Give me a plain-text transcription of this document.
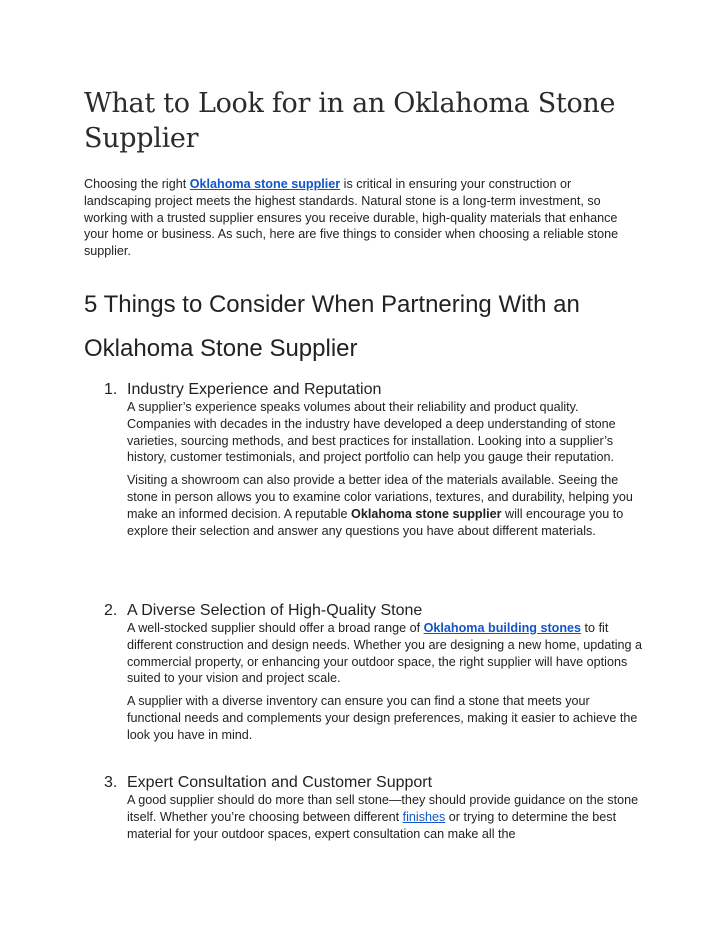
What to Look for in an Oklahoma Stone Supplier

Choosing the right Oklahoma stone supplier is critical in ensuring your construction or landscaping project meets the highest standards. Natural stone is a long-term investment, so working with a trusted supplier ensures you receive durable, high-quality materials that enhance your home or business. As such, here are five things to consider when choosing a reliable stone supplier.

5 Things to Consider When Partnering With an Oklahoma Stone Supplier
1. Industry Experience and Reputation

A supplier’s experience speaks volumes about their reliability and product quality. Companies with decades in the industry have developed a deep understanding of stone varieties, sourcing methods, and best practices for installation. Looking into a supplier’s history, customer testimonials, and project portfolio can help you gauge their reputation.

Visiting a showroom can also provide a better idea of the materials available. Seeing the stone in person allows you to examine color variations, textures, and durability, helping you make an informed decision. A reputable Oklahoma stone supplier will encourage you to explore their selection and answer any questions you have about different materials.

2. A Diverse Selection of High-Quality Stone

A well-stocked supplier should offer a broad range of Oklahoma building stones to fit different construction and design needs. Whether you are designing a new home, updating a commercial property, or enhancing your outdoor space, the right supplier will have options suited to your vision and project scale.

A supplier with a diverse inventory can ensure you can find a stone that meets your functional needs and complements your design preferences, making it easier to achieve the look you have in mind.

3. Expert Consultation and Customer Support

A good supplier should do more than sell stone—they should provide guidance on the stone itself. Whether you’re choosing between different finishes or trying to determine the best material for your outdoor spaces, expert consultation can make all the
